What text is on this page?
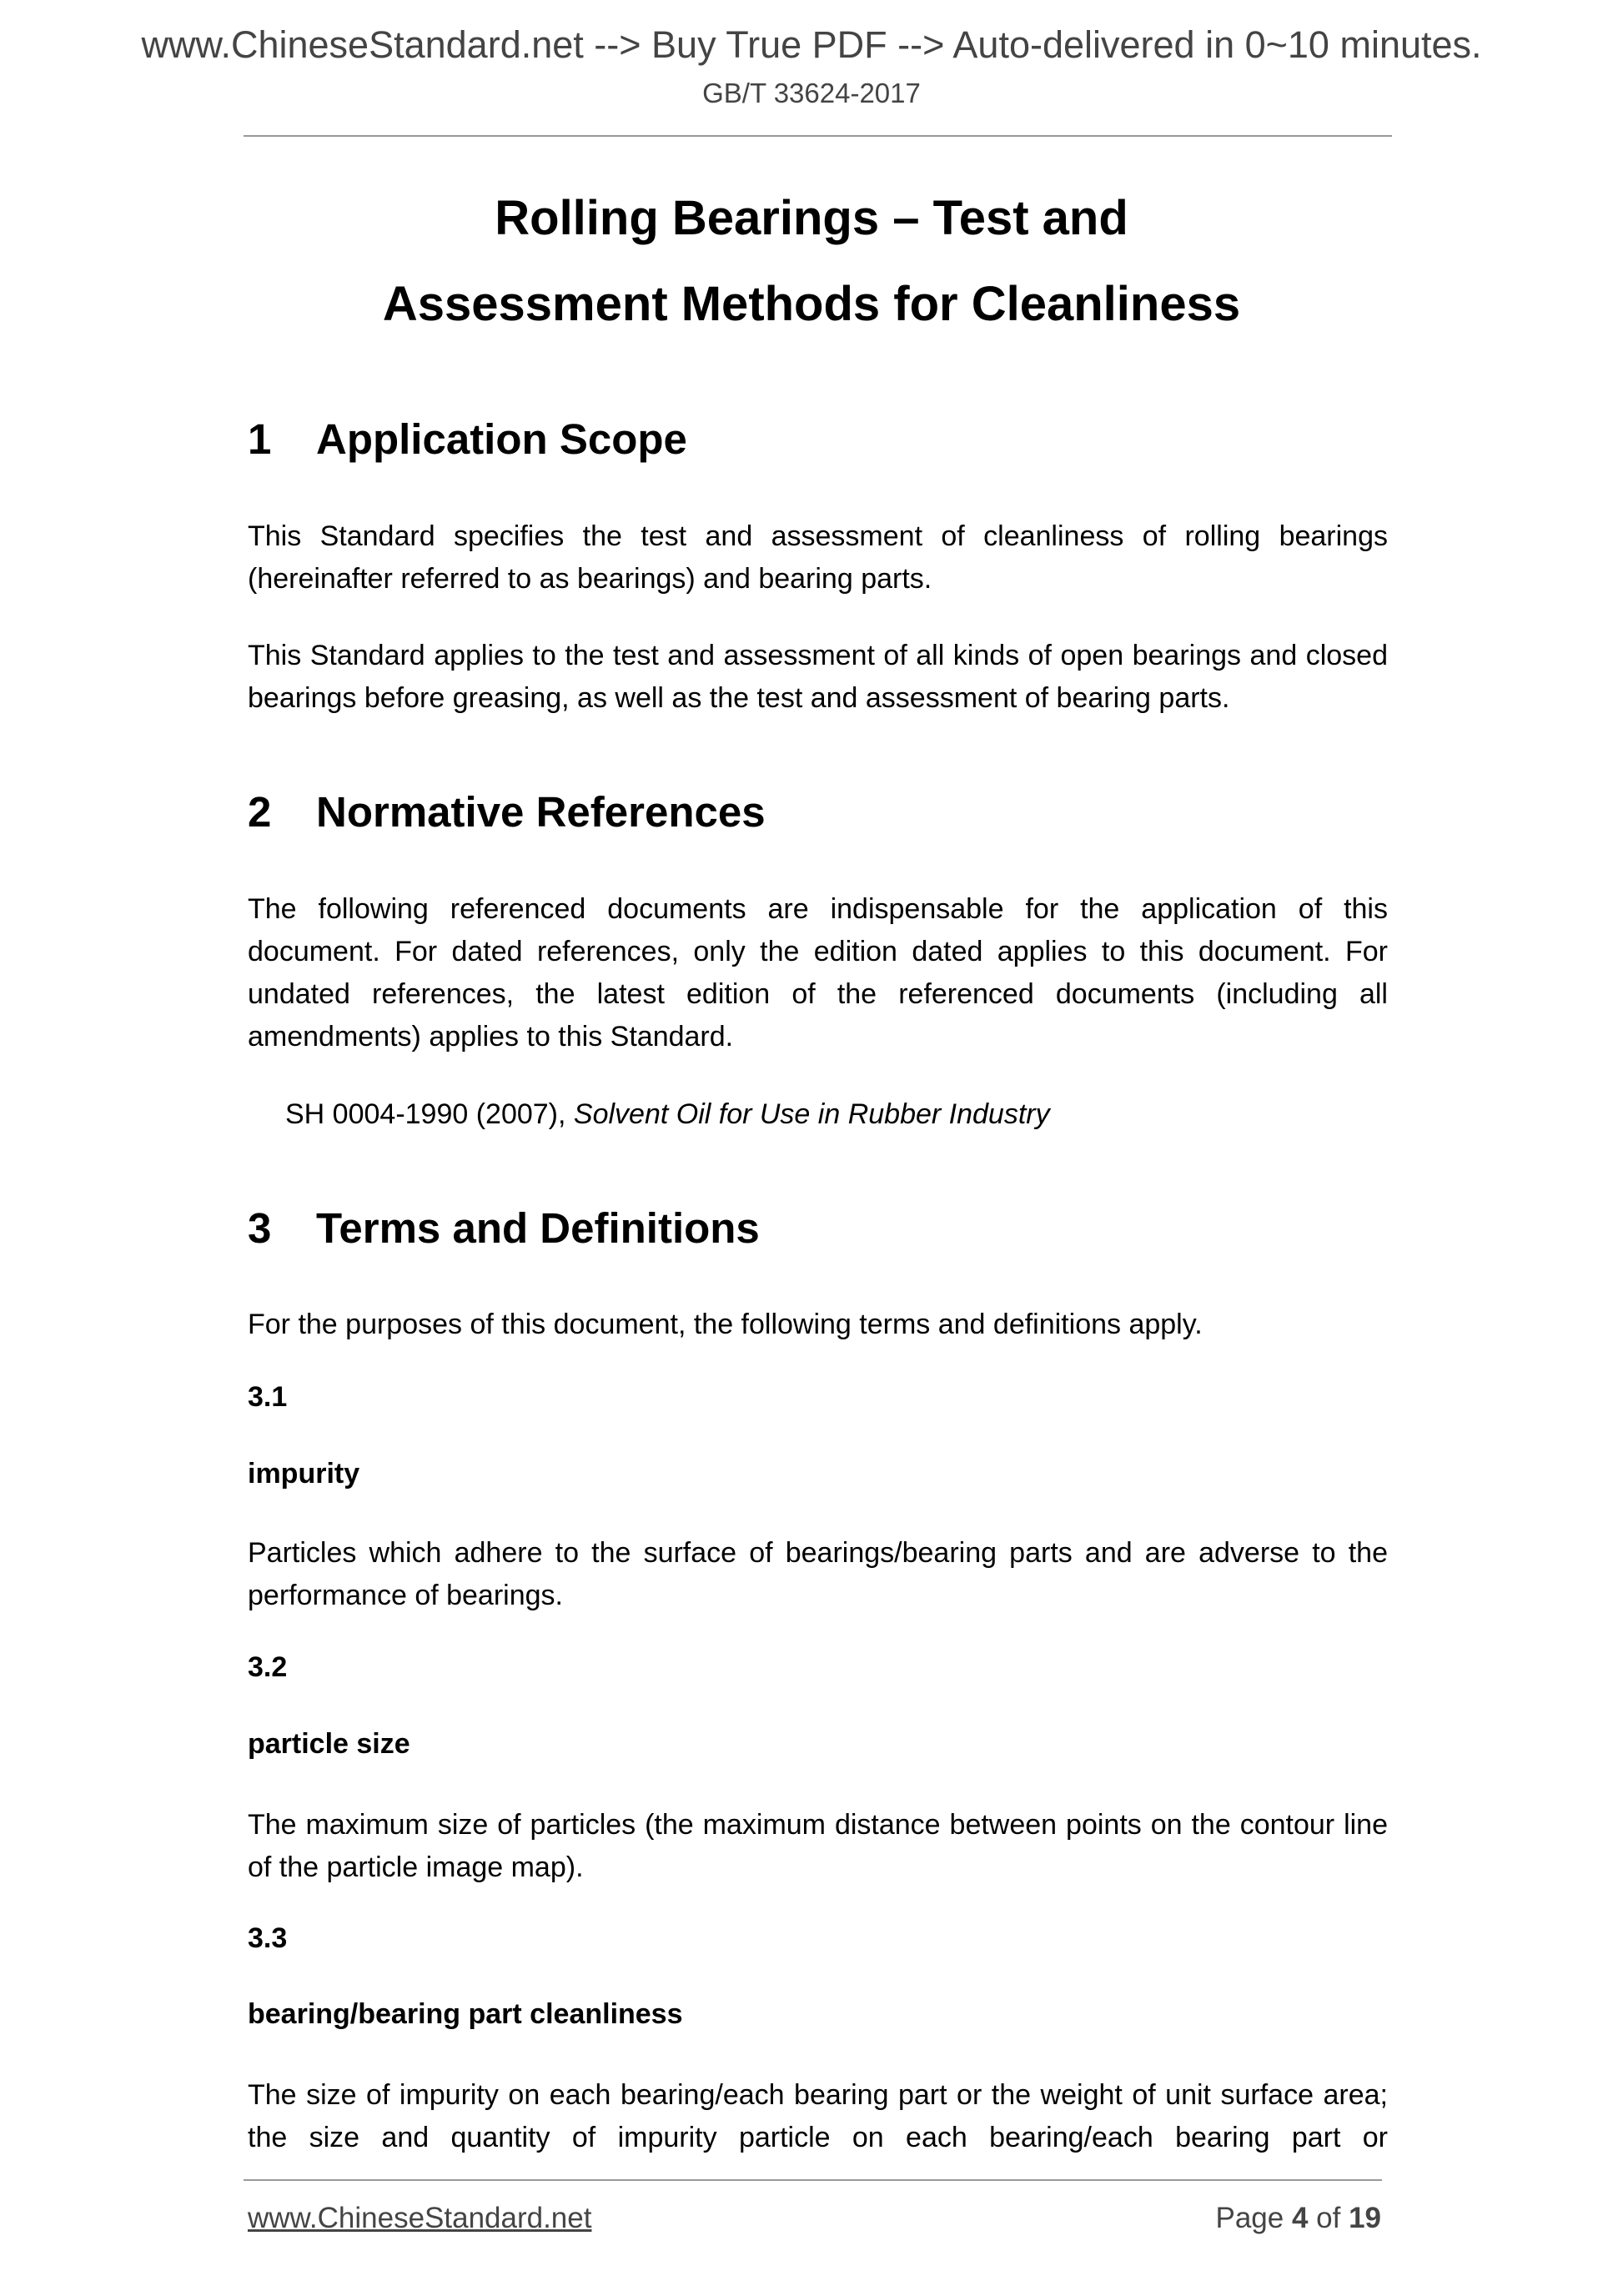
www.ChineseStandard.net --> Buy True PDF --> Auto-delivered in 0~10 minutes.
GB/T 33624-2017
Rolling Bearings – Test and
Assessment Methods for Cleanliness
1 Application Scope
This Standard specifies the test and assessment of cleanliness of rolling bearings (hereinafter referred to as bearings) and bearing parts.
This Standard applies to the test and assessment of all kinds of open bearings and closed bearings before greasing, as well as the test and assessment of bearing parts.
2 Normative References
The following referenced documents are indispensable for the application of this document. For dated references, only the edition dated applies to this document. For undated references, the latest edition of the referenced documents (including all amendments) applies to this Standard.
SH 0004-1990 (2007), Solvent Oil for Use in Rubber Industry
3 Terms and Definitions
For the purposes of this document, the following terms and definitions apply.
3.1
impurity
Particles which adhere to the surface of bearings/bearing parts and are adverse to the performance of bearings.
3.2
particle size
The maximum size of particles (the maximum distance between points on the contour line of the particle image map).
3.3
bearing/bearing part cleanliness
The size of impurity on each bearing/each bearing part or the weight of unit surface area; the size and quantity of impurity particle on each bearing/each bearing part or
www.ChineseStandard.net	Page 4 of 19
